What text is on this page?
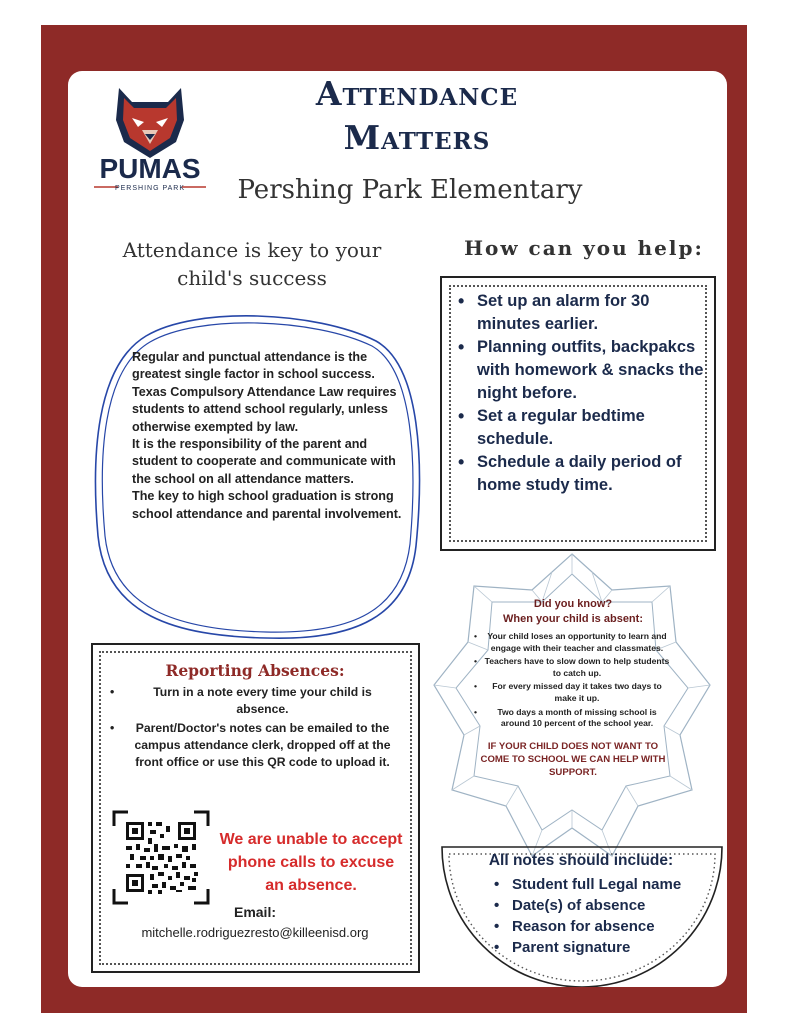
PUMAS
PERSHING PARK
Attendance
Matters
Pershing Park Elementary
Attendance is key to your child's success

Regular and punctual attendance is the greatest single factor in school success.

Texas Compulsory Attendance Law requires students to attend school regularly, unless otherwise exempted by law.

It is the responsibility of the parent and student to cooperate and communicate with the school on all attendance matters.

The key to high school graduation is strong school attendance and parental involvement.

How can you help:
• Set up an alarm for 30 minutes earlier.
• Planning outfits, backpakcs with homework & snacks the night before.
• Set a regular bedtime schedule.
• Schedule a daily period of home study time.
Did you know?
When your child is absent:
• Your child loses an opportunity to learn and engage with their teacher and classmates.
• Teachers have to slow down to help students to catch up.
• For every missed day it takes two days to make it up.
• Two days a month of missing school is around 10 percent of the school year.
IF YOUR CHILD DOES NOT WANT TO COME TO SCHOOL WE CAN HELP WITH SUPPORT.
Reporting Absences:
• Turn in a note every time your child is absence.
• Parent/Doctor's notes can be emailed to the campus attendance clerk, dropped off at the front office or use this QR code to upload it.
We are unable to accept phone calls to excuse an absence.
Email:
mitchelle.rodriguezresto@killeenisd.org
All notes should include:
• Student full Legal name
• Date(s) of absence
• Reason for absence
• Parent signature
